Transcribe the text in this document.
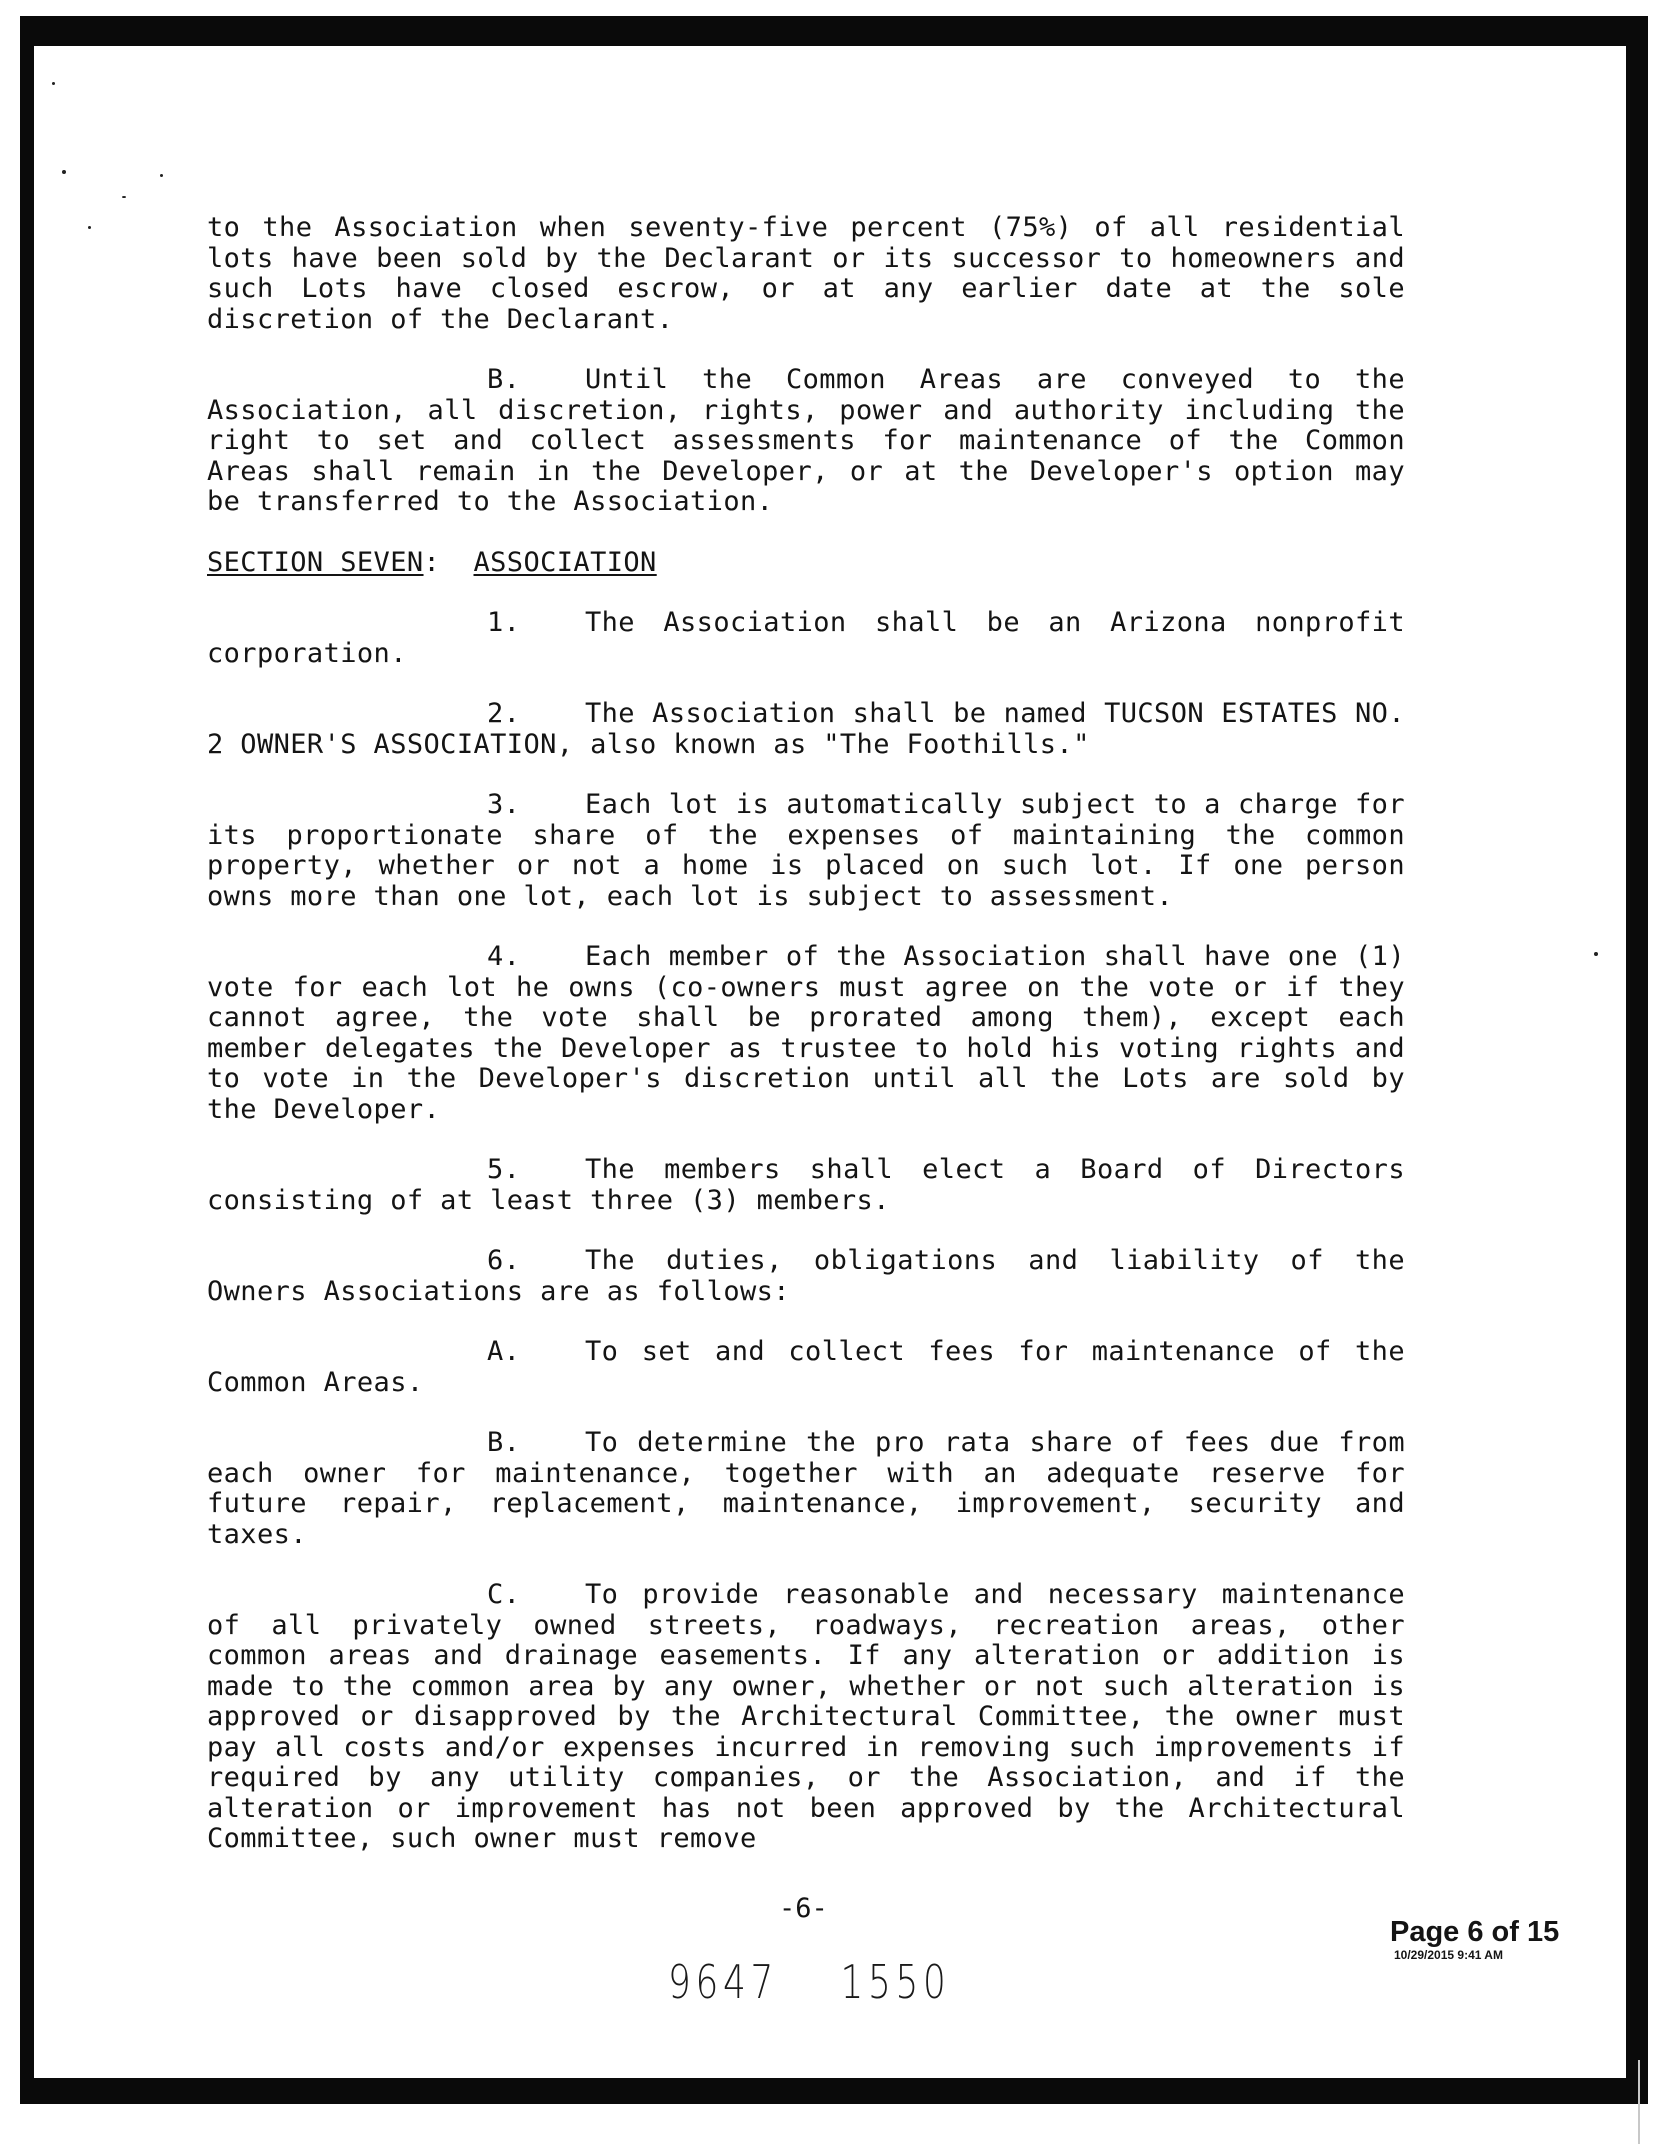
to the Association when seventy-five percent (75%) of all residential lots have been sold by the Declarant or its successor to homeowners and such Lots have closed escrow, or at any earlier date at the sole discretion of the Declarant.

B. Until the Common Areas are conveyed to the Association, all discretion, rights, power and authority including the right to set and collect assessments for maintenance of the Common Areas shall remain in the Developer, or at the Developer's option may be transferred to the Association.

SECTION SEVEN: ASSOCIATION

1. The Association shall be an Arizona nonprofit corporation.

2. The Association shall be named TUCSON ESTATES NO. 2 OWNER'S ASSOCIATION, also known as "The Foothills."

3. Each lot is automatically subject to a charge for its proportionate share of the expenses of maintaining the common property, whether or not a home is placed on such lot. If one person owns more than one lot, each lot is subject to assessment.

4. Each member of the Association shall have one (1) vote for each lot he owns (co-owners must agree on the vote or if they cannot agree, the vote shall be prorated among them), except each member delegates the Developer as trustee to hold his voting rights and to vote in the Developer's discretion until all the Lots are sold by the Developer.

5. The members shall elect a Board of Directors consisting of at least three (3) members.

6. The duties, obligations and liability of the Owners Associations are as follows:

A. To set and collect fees for maintenance of the Common Areas.

B. To determine the pro rata share of fees due from each owner for maintenance, together with an adequate reserve for future repair, replacement, maintenance, improvement, security and taxes.

C. To provide reasonable and necessary maintenance of all privately owned streets, roadways, recreation areas, other common areas and drainage easements. If any alteration or addition is made to the common area by any owner, whether or not such alteration is approved or disapproved by the Architectural Committee, the owner must pay all costs and/or expenses incurred in removing such improvements if required by any utility companies, or the Association, and if the alteration or improvement has not been approved by the Architectural Committee, such owner must remove

-6-
Page 6 of 15
10/29/2015 9:41 AM
9647 1550
